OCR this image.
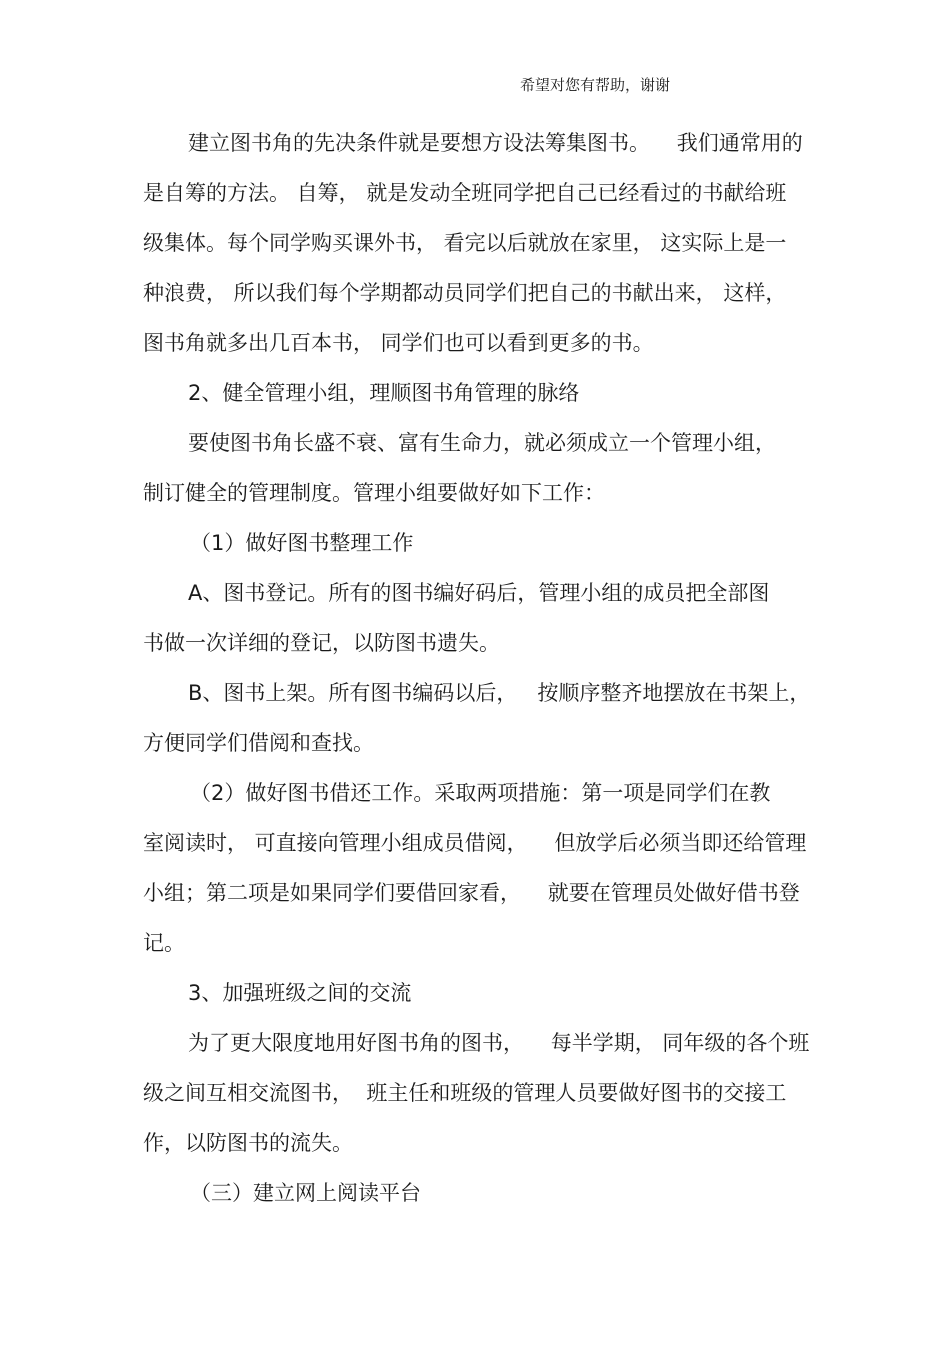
希望对您有帮助，谢谢
建立图书角的先决条件就是要想方设法筹集图书。    我们通常用的
是自筹的方法。 自筹， 就是发动全班同学把自己已经看过的书献给班
级集体。每个同学购买课外书， 看完以后就放在家里， 这实际上是一
种浪费， 所以我们每个学期都动员同学们把自己的书献出来， 这样，
图书角就多出几百本书， 同学们也可以看到更多的书。
2、健全管理小组，理顺图书角管理的脉络
要使图书角长盛不衰、富有生命力，就必须成立一个管理小组，
制订健全的管理制度。管理小组要做好如下工作：
（1）做好图书整理工作
A、图书登记。所有的图书编好码后，管理小组的成员把全部图
书做一次详细的登记，以防图书遗失。
B、图书上架。所有图书编码以后，   按顺序整齐地摆放在书架上，
方便同学们借阅和查找。
（2）做好图书借还工作。采取两项措施：第一项是同学们在教
室阅读时， 可直接向管理小组成员借阅，    但放学后必须当即还给管理
小组；第二项是如果同学们要借回家看，    就要在管理员处做好借书登
记。
3、加强班级之间的交流
为了更大限度地用好图书角的图书，    每半学期， 同年级的各个班
级之间互相交流图书，  班主任和班级的管理人员要做好图书的交接工
作，以防图书的流失。
（三）建立网上阅读平台
